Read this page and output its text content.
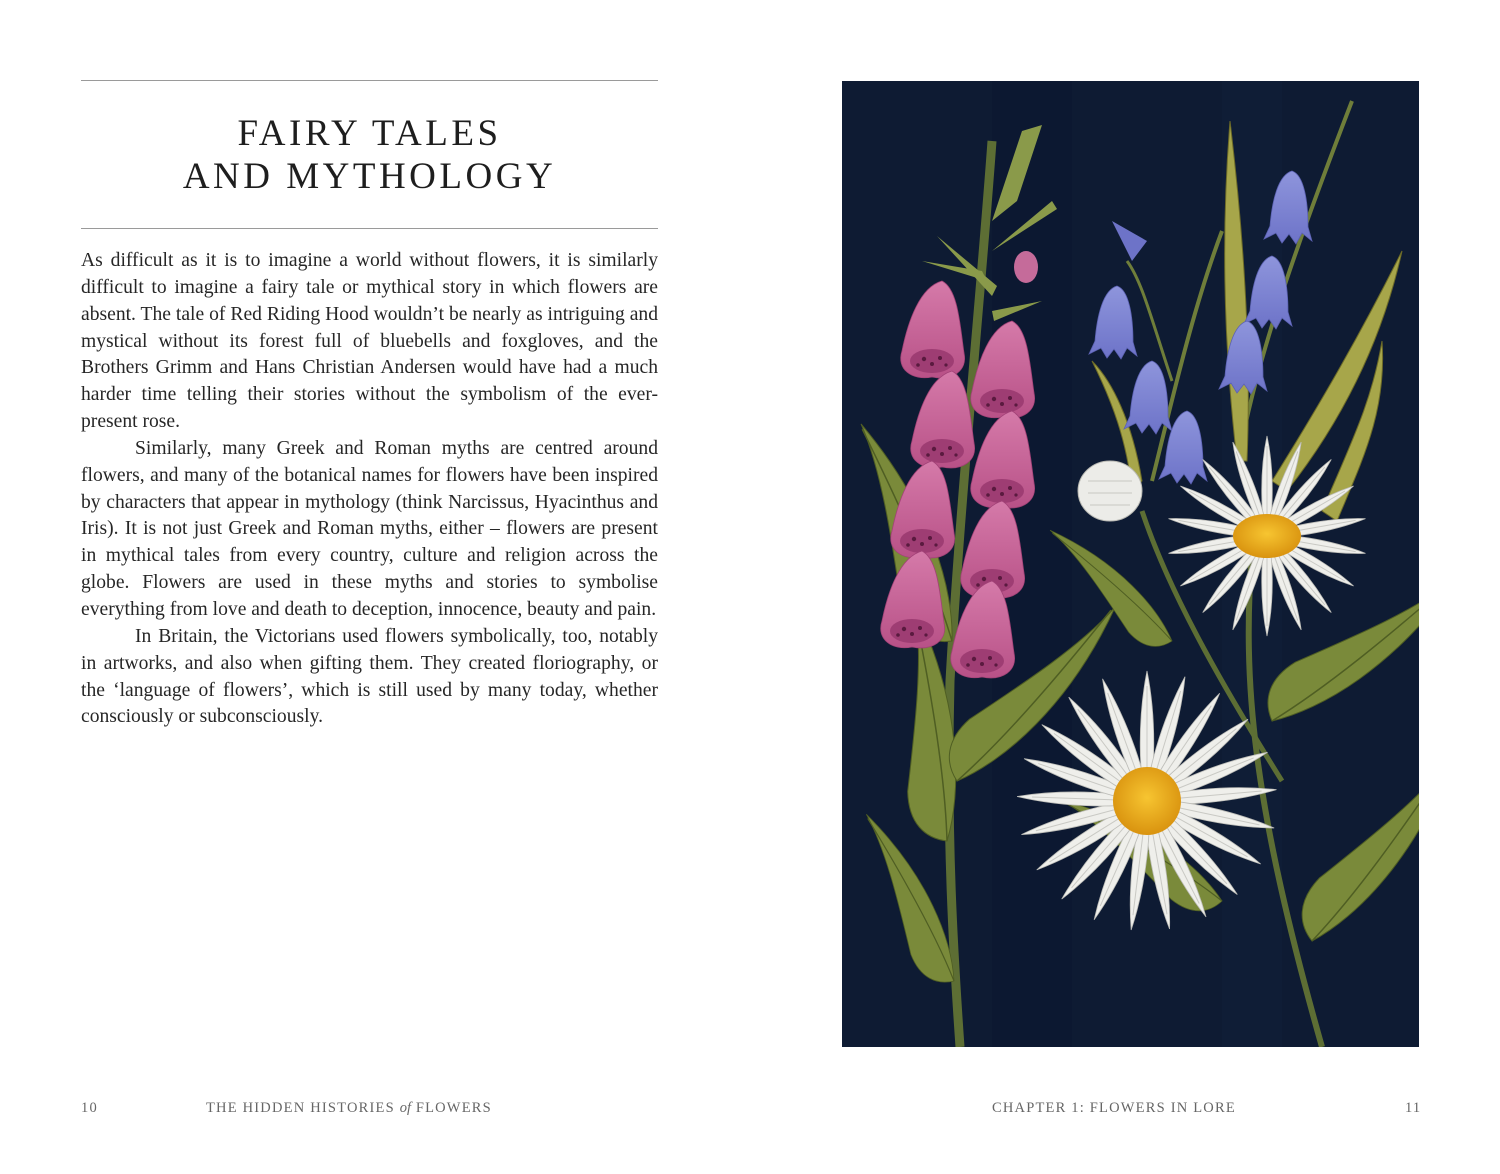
FAIRY TALES
AND MYTHOLOGY

As difficult as it is to imagine a world without flowers, it is similarly difficult to imagine a fairy tale or mythical story in which flowers are absent. The tale of Red Riding Hood wouldn’t be nearly as intriguing and mystical without its forest full of bluebells and foxgloves, and the Brothers Grimm and Hans Christian Andersen would have had a much harder time telling their stories without the symbolism of the ever-present rose.

Similarly, many Greek and Roman myths are centred around flowers, and many of the botanical names for flowers have been inspired by characters that appear in mythology (think Narcissus, Hyacinthus and Iris). It is not just Greek and Roman myths, either – flowers are present in mythical tales from every country, culture and religion across the globe. Flowers are used in these myths and stories to symbolise everything from love and death to deception, innocence, beauty and pain.

In Britain, the Victorians used flowers symbolically, too, notably in artworks, and also when gifting them. They created floriography, or the ‘language of flowers’, which is still used by many today, whether consciously or subconsciously.

10	THE HIDDEN HISTORIES of FLOWERS	CHAPTER 1: FLOWERS IN LORE	11
